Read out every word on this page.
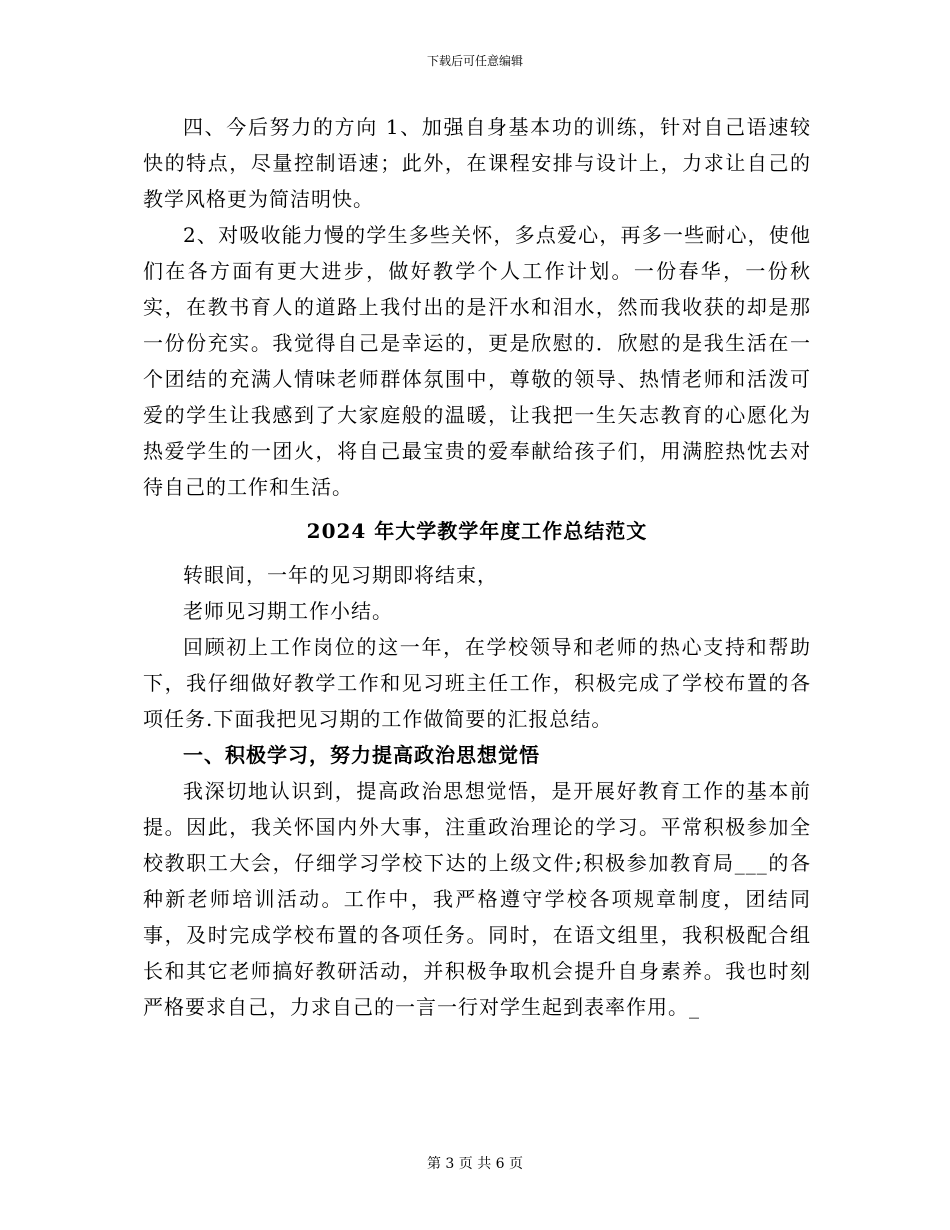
下载后可任意编辑

四、今后努力的方向 1、加强自身基本功的训练，针对自己语速较快的特点，尽量控制语速；此外，在课程安排与设计上，力求让自己的教学风格更为简洁明快。

2、对吸收能力慢的学生多些关怀，多点爱心，再多一些耐心，使他们在各方面有更大进步，做好教学个人工作计划。一份春华，一份秋实，在教书育人的道路上我付出的是汗水和泪水，然而我收获的却是那一份份充实。我觉得自己是幸运的，更是欣慰的．欣慰的是我生活在一个团结的充满人情味老师群体氛围中，尊敬的领导、热情老师和活泼可爱的学生让我感到了大家庭般的温暖，让我把一生矢志教育的心愿化为热爱学生的一团火，将自己最宝贵的爱奉献给孩子们，用满腔热忱去对待自己的工作和生活。

2024 年大学教学年度工作总结范文

转眼间，一年的见习期即将结束，

老师见习期工作小结。

回顾初上工作岗位的这一年，在学校领导和老师的热心支持和帮助下，我仔细做好教学工作和见习班主任工作，积极完成了学校布置的各项任务.下面我把见习期的工作做简要的汇报总结。

一、积极学习，努力提高政治思想觉悟

我深切地认识到，提高政治思想觉悟，是开展好教育工作的基本前提。因此，我关怀国内外大事，注重政治理论的学习。平常积极参加全校教职工大会，仔细学习学校下达的上级文件;积极参加教育局___的各种新老师培训活动。工作中，我严格遵守学校各项规章制度，团结同事，及时完成学校布置的各项任务。同时，在语文组里，我积极配合组长和其它老师搞好教研活动，并积极争取机会提升自身素养。我也时刻严格要求自己，力求自己的一言一行对学生起到表率作用。_

第 3 页 共 6 页
